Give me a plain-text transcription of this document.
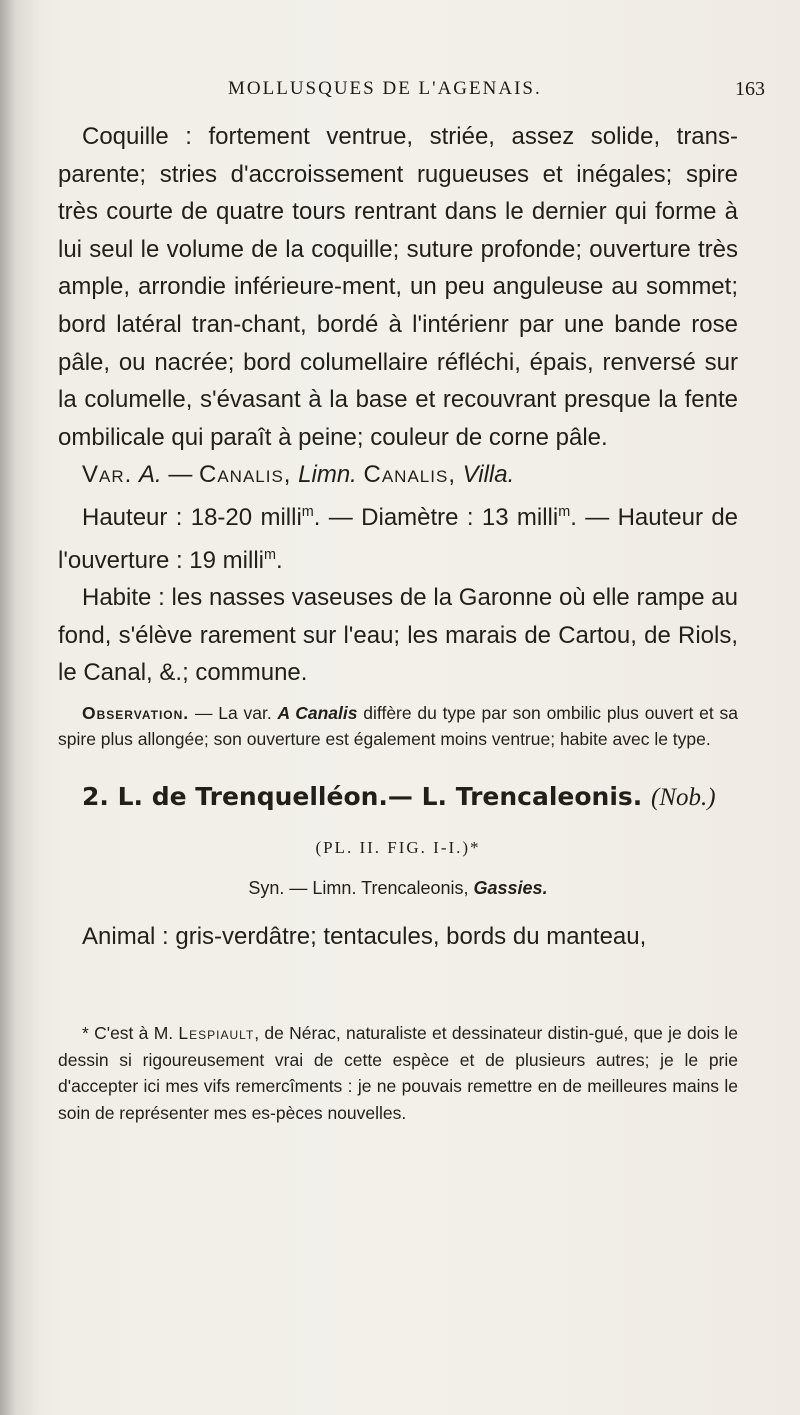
MOLLUSQUES DE L'AGENAIS.	163

Coquille : fortement ventrue, striée, assez solide, trans-parente; stries d'accroissement rugueuses et inégales; spire très courte de quatre tours rentrant dans le dernier qui forme à lui seul le volume de la coquille; suture profonde; ouverture très ample, arrondie inférieure-ment, un peu anguleuse au sommet; bord latéral tran-chant, bordé à l'intérienr par une bande rose pâle, ou nacrée; bord columellaire réfléchi, épais, renversé sur la columelle, s'évasant à la base et recouvrant presque la fente ombilicale qui paraît à peine; couleur de corne pâle.

Var. A. — Canalis, Limn. Canalis, Villa.

Hauteur : 18-20 milli$^m$. — Diamètre : 13 milli$^m$. — Hauteur de l'ouverture : 19 milli$^m$.

Habite : les nasses vaseuses de la Garonne où elle rampe au fond, s'élève rarement sur l'eau; les marais de Cartou, de Riols, le Canal, &.; commune.

Observation. — La var. A Canalis diffère du type par son ombilic plus ouvert et sa spire plus allongée; son ouverture est également moins ventrue; habite avec le type.

2. L. de Trenquelléon.— L. Trencaleonis. (Nob.)

(PL. II. FIG. I-I.)*

Syn. — Limn. Trencaleonis, Gassies.

Animal : gris-verdâtre; tentacules, bords du manteau,

* C'est à M. Lespiault, de Nérac, naturaliste et dessinateur distin-gué, que je dois le dessin si rigoureusement vrai de cette espèce et de plusieurs autres; je le prie d'accepter ici mes vifs remercîments : je ne pouvais remettre en de meilleures mains le soin de représenter mes es-pèces nouvelles.
